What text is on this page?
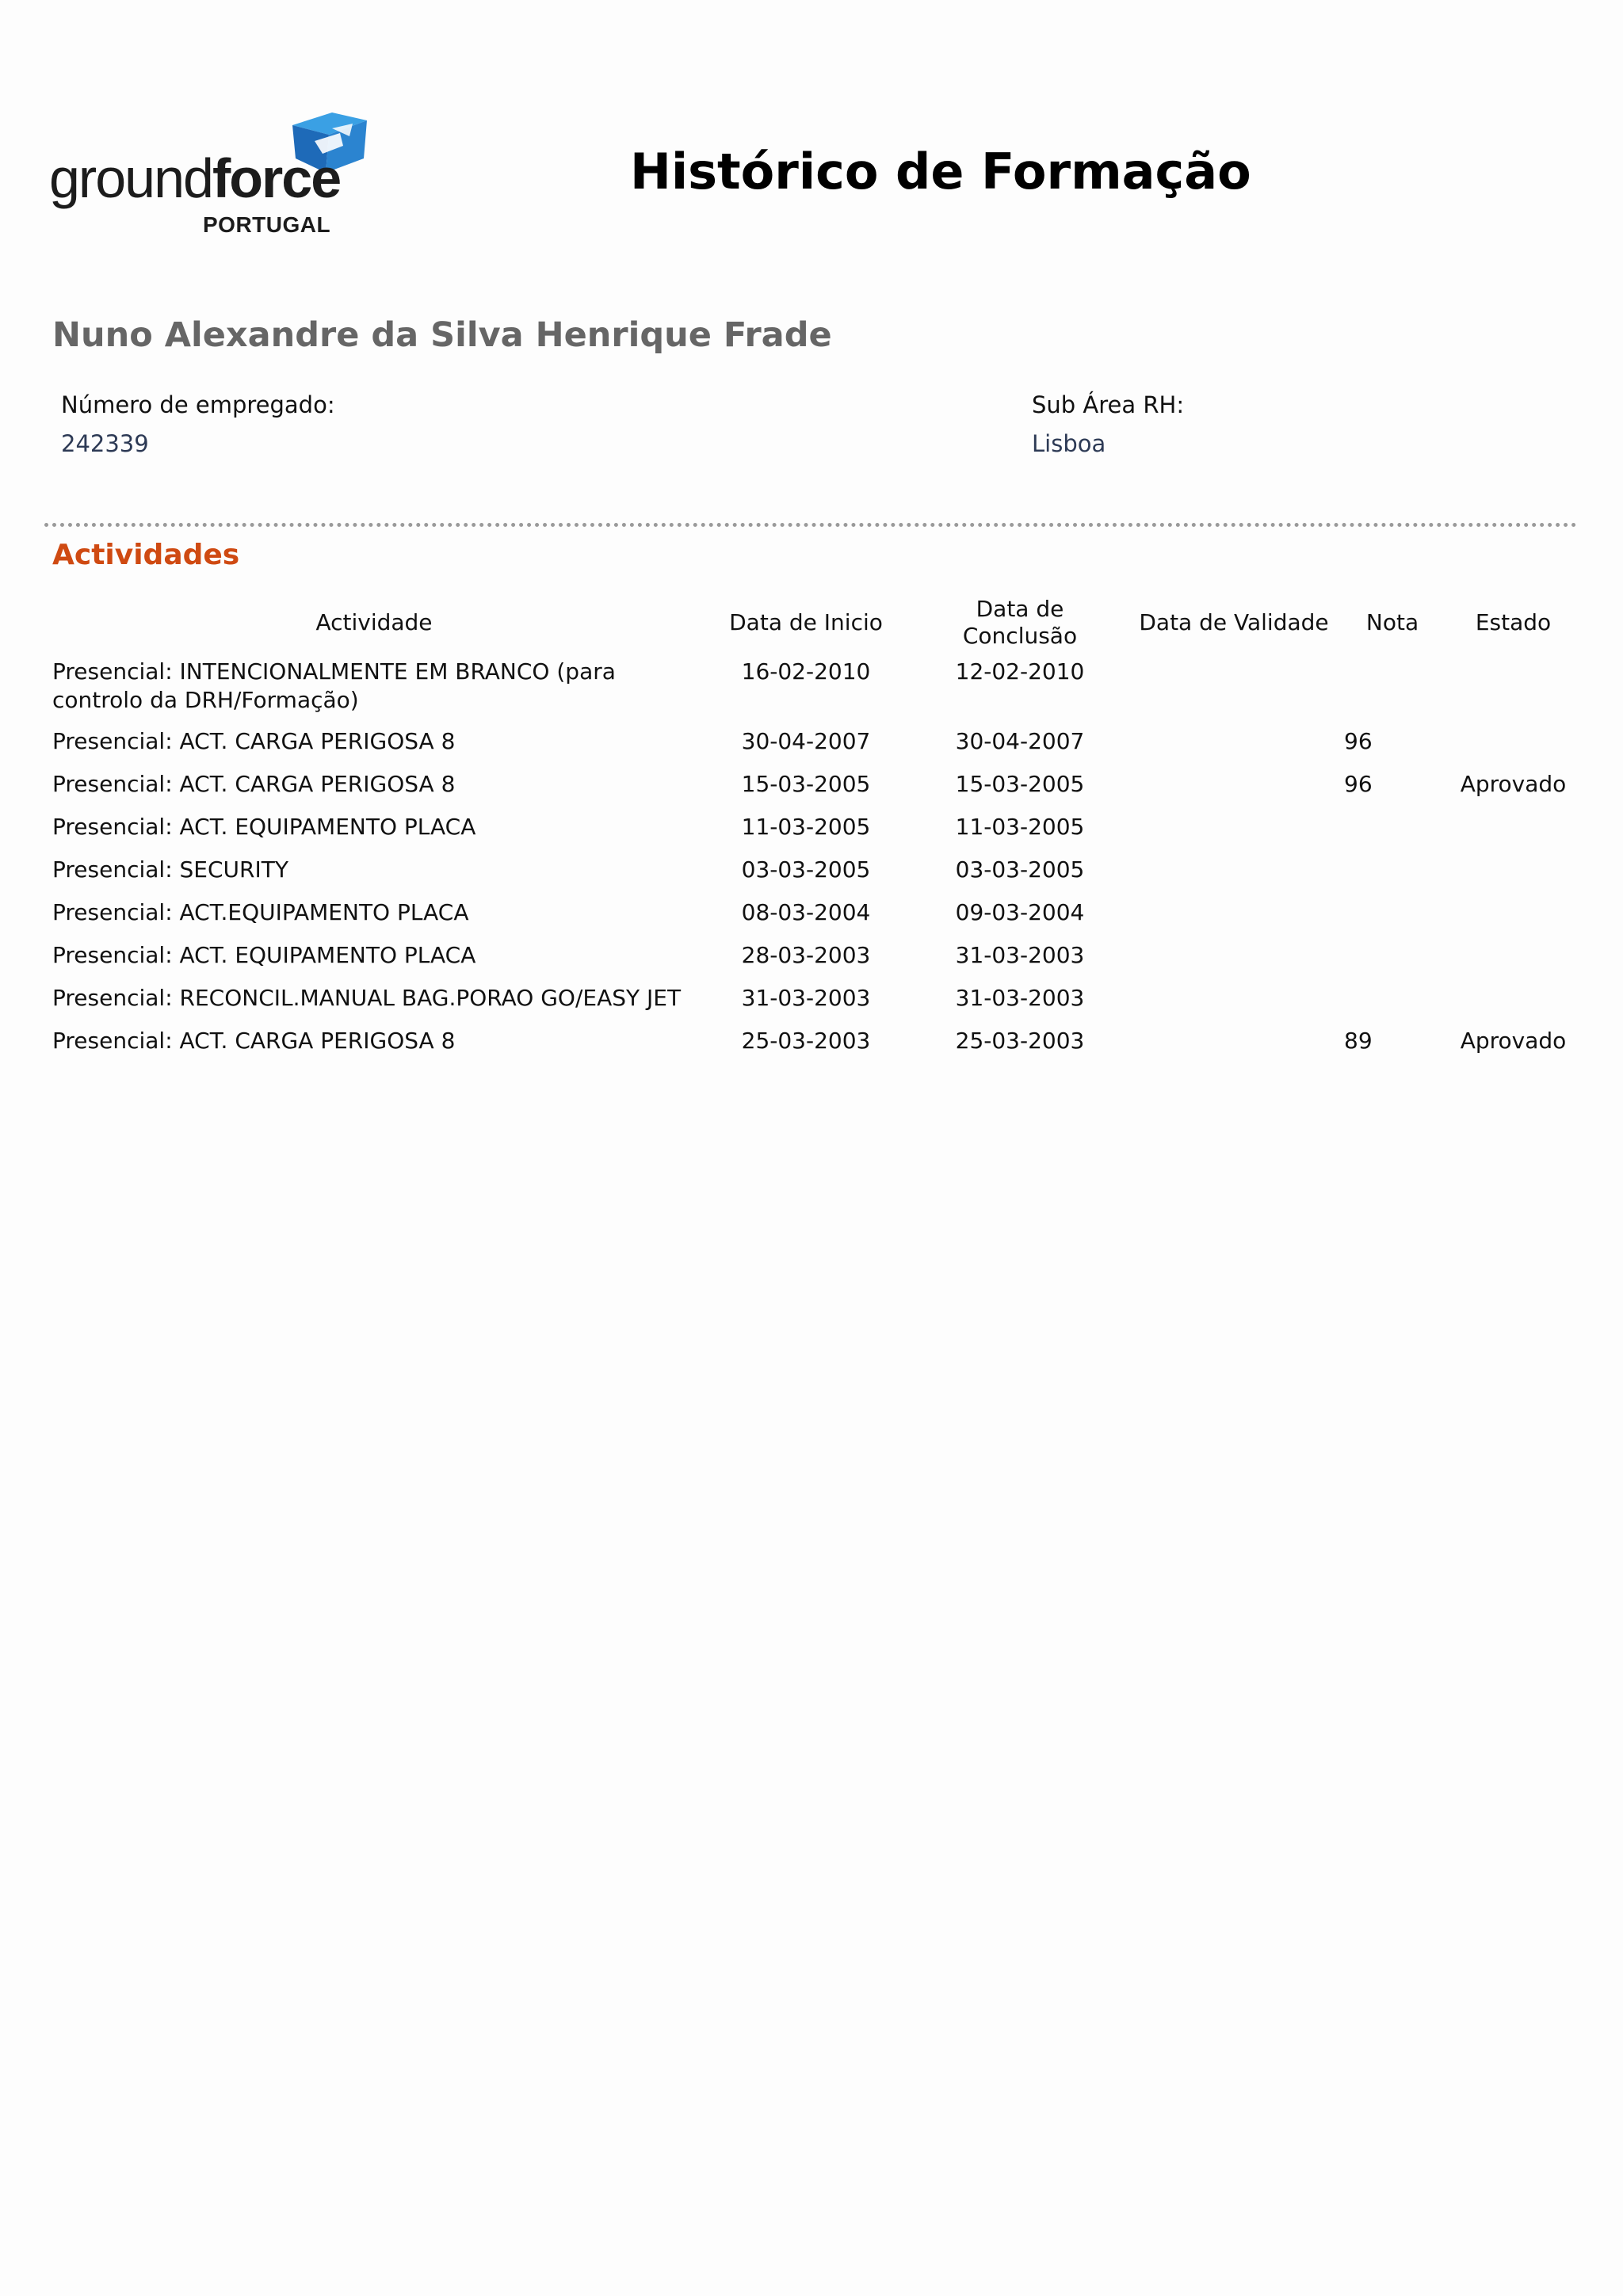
groundforce
PORTUGAL
Histórico de Formação
Nuno Alexandre da Silva Henrique Frade
Número de empregado:
242339
Sub Área RH:
Lisboa
Actividades
Actividade	Data de Inicio	Data de Conclusão	Data de Validade	Nota	Estado
Presencial: INTENCIONALMENTE EM BRANCO (para controlo da DRH/Formação)	16-02-2010	12-02-2010			
Presencial: ACT. CARGA PERIGOSA 8	30-04-2007	30-04-2007		96	
Presencial: ACT. CARGA PERIGOSA 8	15-03-2005	15-03-2005		96	Aprovado
Presencial: ACT. EQUIPAMENTO PLACA	11-03-2005	11-03-2005			
Presencial: SECURITY	03-03-2005	03-03-2005			
Presencial: ACT.EQUIPAMENTO PLACA	08-03-2004	09-03-2004			
Presencial: ACT. EQUIPAMENTO PLACA	28-03-2003	31-03-2003			
Presencial: RECONCIL.MANUAL BAG.PORAO GO/EASY JET	31-03-2003	31-03-2003			
Presencial: ACT. CARGA PERIGOSA 8	25-03-2003	25-03-2003		89	Aprovado
